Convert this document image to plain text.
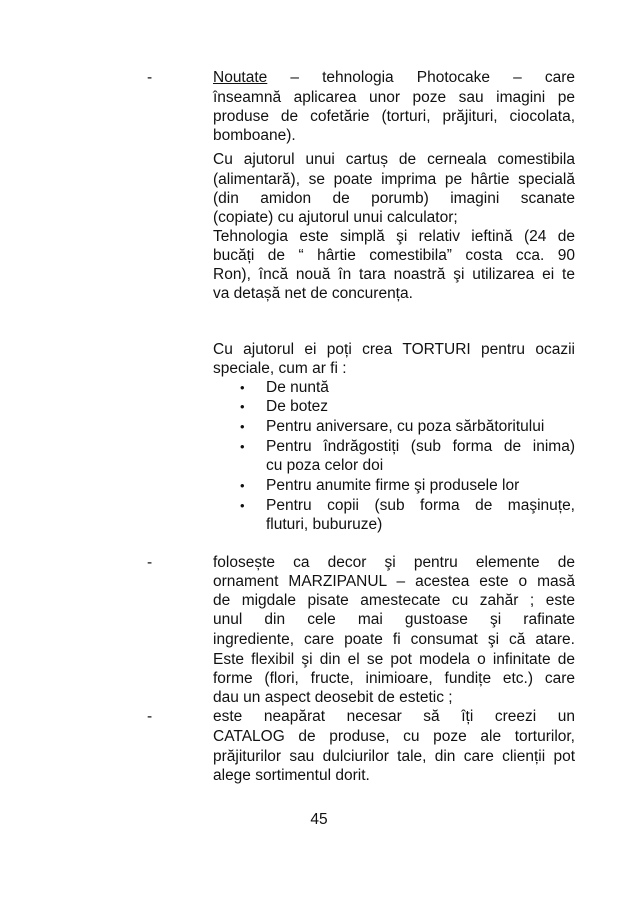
-	Noutate – tehnologia Photocake – care
înseamnă aplicarea unor poze sau imagini pe
produse de cofetărie (torturi, prăjituri, ciocolata,
bomboane).
Cu ajutorul unui cartuș de cerneala comestibila
(alimentară), se poate imprima pe hârtie specială
(din amidon de porumb) imagini scanate
(copiate) cu ajutorul unui calculator;
Tehnologia este simplă şi relativ ieftină (24 de
bucăți de “ hârtie comestibila” costa cca. 90
Ron), încă nouă în tara noastră şi utilizarea ei te
va detașă net de concurența.
Cu ajutorul ei poți crea TORTURI pentru ocazii
speciale, cum ar fi :
• De nuntă
• De botez
• Pentru aniversare, cu poza sărbătoritului
• Pentru îndrăgostiți (sub forma de inima)
cu poza celor doi
• Pentru anumite firme şi produsele lor
• Pentru copii (sub forma de maşinuțe,
fluturi, buburuze)
-	folosește ca decor şi pentru elemente de
ornament MARZIPANUL – acestea este o masă
de migdale pisate amestecate cu zahăr ; este
unul din cele mai gustoase şi rafinate
ingrediente, care poate fi consumat şi că atare.
Este flexibil şi din el se pot modela o infinitate de
forme (flori, fructe, inimioare, fundițe etc.) care
dau un aspect deosebit de estetic ;
-	este neapărat necesar să îți creezi un
CATALOG de produse, cu poze ale torturilor,
prăjiturilor sau dulciurilor tale, din care clienții pot
alege sortimentul dorit.
45
